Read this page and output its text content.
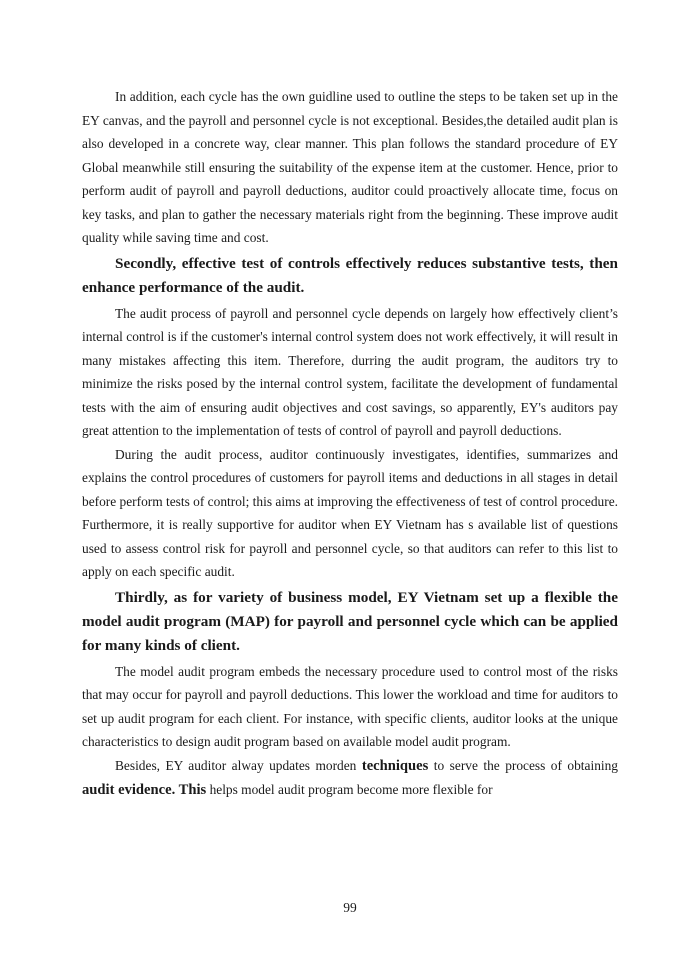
In addition, each cycle has the own guidline used to outline the steps to be taken set up in the EY canvas, and the payroll and personnel cycle is not exceptional. Besides,the detailed audit plan is also developed in a concrete way, clear manner. This plan follows the standard procedure of EY Global meanwhile still ensuring the suitability of the expense item at the customer. Hence, prior to perform audit of payroll and payroll deductions, auditor could proactively allocate time, focus on key tasks, and plan to gather the necessary materials right from the beginning. These improve audit quality while saving time and cost.

Secondly, effective test of controls effectively reduces substantive tests, then enhance performance of the audit.

The audit process of payroll and personnel cycle depends on largely how effectively client’s internal control is if the customer's internal control system does not work effectively, it will result in many mistakes affecting this item. Therefore, durring the audit program, the auditors try to minimize the risks posed by the internal control system, facilitate the development of fundamental tests with the aim of ensuring audit objectives and cost savings, so apparently, EY's auditors pay great attention to the implementation of tests of control of payroll and payroll deductions.

During the audit process, auditor continuously investigates, identifies, summarizes and explains the control procedures of customers for payroll items and deductions in all stages in detail before perform tests of control; this aims at improving the effectiveness of test of control procedure. Furthermore, it is really supportive for auditor when EY Vietnam has s available list of questions used to assess control risk for payroll and personnel cycle, so that auditors can refer to this list to apply on each specific audit.

Thirdly, as for variety of business model, EY Vietnam set up a flexible the model audit program (MAP) for payroll and personnel cycle which can be applied for many kinds of client.

The model audit program embeds the necessary procedure used to control most of the risks that may occur for payroll and payroll deductions. This lower the workload and time for auditors to set up audit program for each client. For instance, with specific clients, auditor looks at the unique characteristics to design audit program based on available model audit program.

Besides, EY auditor alway updates morden techniques to serve the process of obtaining audit evidence. This helps model audit program become more flexible for

99
